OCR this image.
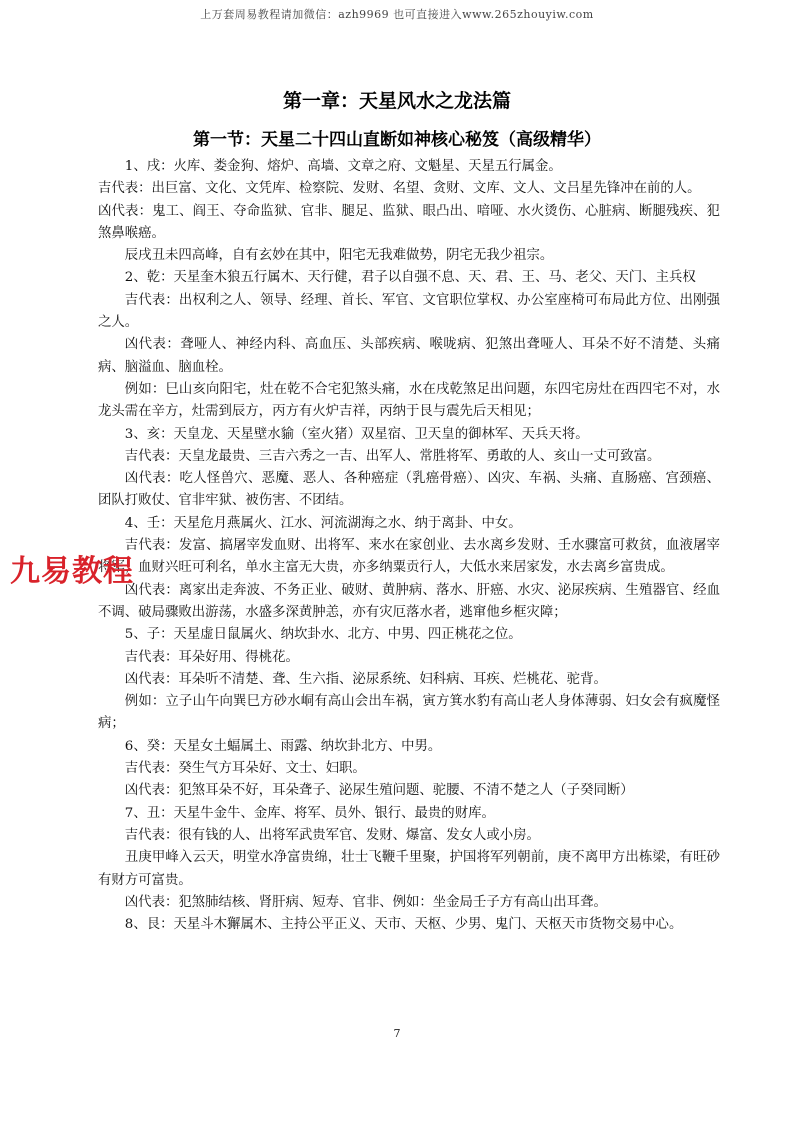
上万套周易教程请加微信：azh9969 也可直接进入www.265zhouyiw.com
第一章：天星风水之龙法篇
第一节：天星二十四山直断如神核心秘笈（高级精华）

1、戌：火库、娄金狗、熔炉、高墙、文章之府、文魁星、天星五行属金。

吉代表：出巨富、文化、文凭库、检察院、发财、名望、贪财、文库、文人、文吕星先锋冲在前的人。

凶代表：鬼工、阎王、夺命监狱、官非、腿足、监狱、眼凸出、喑哑、水火烫伤、心脏病、断腿残疾、犯煞鼻喉癌。

辰戌丑未四高峰，自有玄妙在其中，阳宅无我难做势，阴宅无我少祖宗。

2、乾：天星奎木狼五行属木、天行健，君子以自强不息、天、君、王、马、老父、天门、主兵权

吉代表：出权利之人、领导、经理、首长、军官、文官职位掌权、办公室座椅可布局此方位、出刚强之人。

凶代表：聋哑人、神经内科、高血压、头部疾病、喉咙病、犯煞出聋哑人、耳朵不好不清楚、头痛病、脑溢血、脑血栓。

例如：巳山亥向阳宅，灶在乾不合宅犯煞头痛，水在戌乾煞足出问题，东四宅房灶在西四宅不对，水龙头需在辛方，灶需到辰方，丙方有火炉吉祥，丙纳于艮与震先后天相见；

3、亥：天皇龙、天星壁水貐（室火猪）双星宿、卫天皇的御林军、天兵天将。

吉代表：天皇龙最贵、三吉六秀之一吉、出军人、常胜将军、勇敢的人、亥山一丈可致富。

凶代表：吃人怪兽穴、恶魔、恶人、各种癌症（乳癌骨癌）、凶灾、车祸、头痛、直肠癌、宫颈癌、团队打败仗、官非牢狱、被伤害、不团结。

4、壬：天星危月燕属火、江水、河流湖海之水、纳于离卦、中女。

吉代表：发富、搞屠宰发血财、出将军、来水在家创业、去水离乡发财、壬水骤富可救贫，血液屠宰将军，血财兴旺可利名，单水主富无大贵，亦多纳粟贡行人，大低水来居家发，水去离乡富贵成。

凶代表：离家出走奔波、不务正业、破财、黄肿病、落水、肝癌、水灾、泌尿疾病、生殖器官、经血不调、破局骤败出游荡，水盛多深黄肿恙，亦有灾厄落水者，逃窜他乡框灾障；

5、子：天星虚日鼠属火、纳坎卦水、北方、中男、四正桃花之位。

吉代表：耳朵好用、得桃花。

凶代表：耳朵听不清楚、聋、生六指、泌尿系统、妇科病、耳疾、烂桃花、驼背。

例如：立子山午向巽巳方砂水峒有高山会出车祸，寅方箕水豹有高山老人身体薄弱、妇女会有疯魔怪病；

6、癸：天星女土蝠属土、雨露、纳坎卦北方、中男。

吉代表：癸生气方耳朵好、文士、妇职。

凶代表：犯煞耳朵不好，耳朵聋子、泌尿生殖问题、驼腰、不清不楚之人（子癸同断）

7、丑：天星牛金牛、金库、将军、员外、银行、最贵的财库。

吉代表：很有钱的人、出将军武贵军官、发财、爆富、发女人或小房。

丑庚甲峰入云天，明堂水净富贵绵，壮士飞鞭千里聚，护国将军列朝前，庚不离甲方出栋梁，有旺砂有财方可富贵。

凶代表：犯煞肺结核、肾肝病、短寿、官非、例如：坐金局壬子方有高山出耳聋。

8、艮：天星斗木獬属木、主持公平正义、天市、天枢、少男、鬼门、天枢天市货物交易中心。

九易教程
7
